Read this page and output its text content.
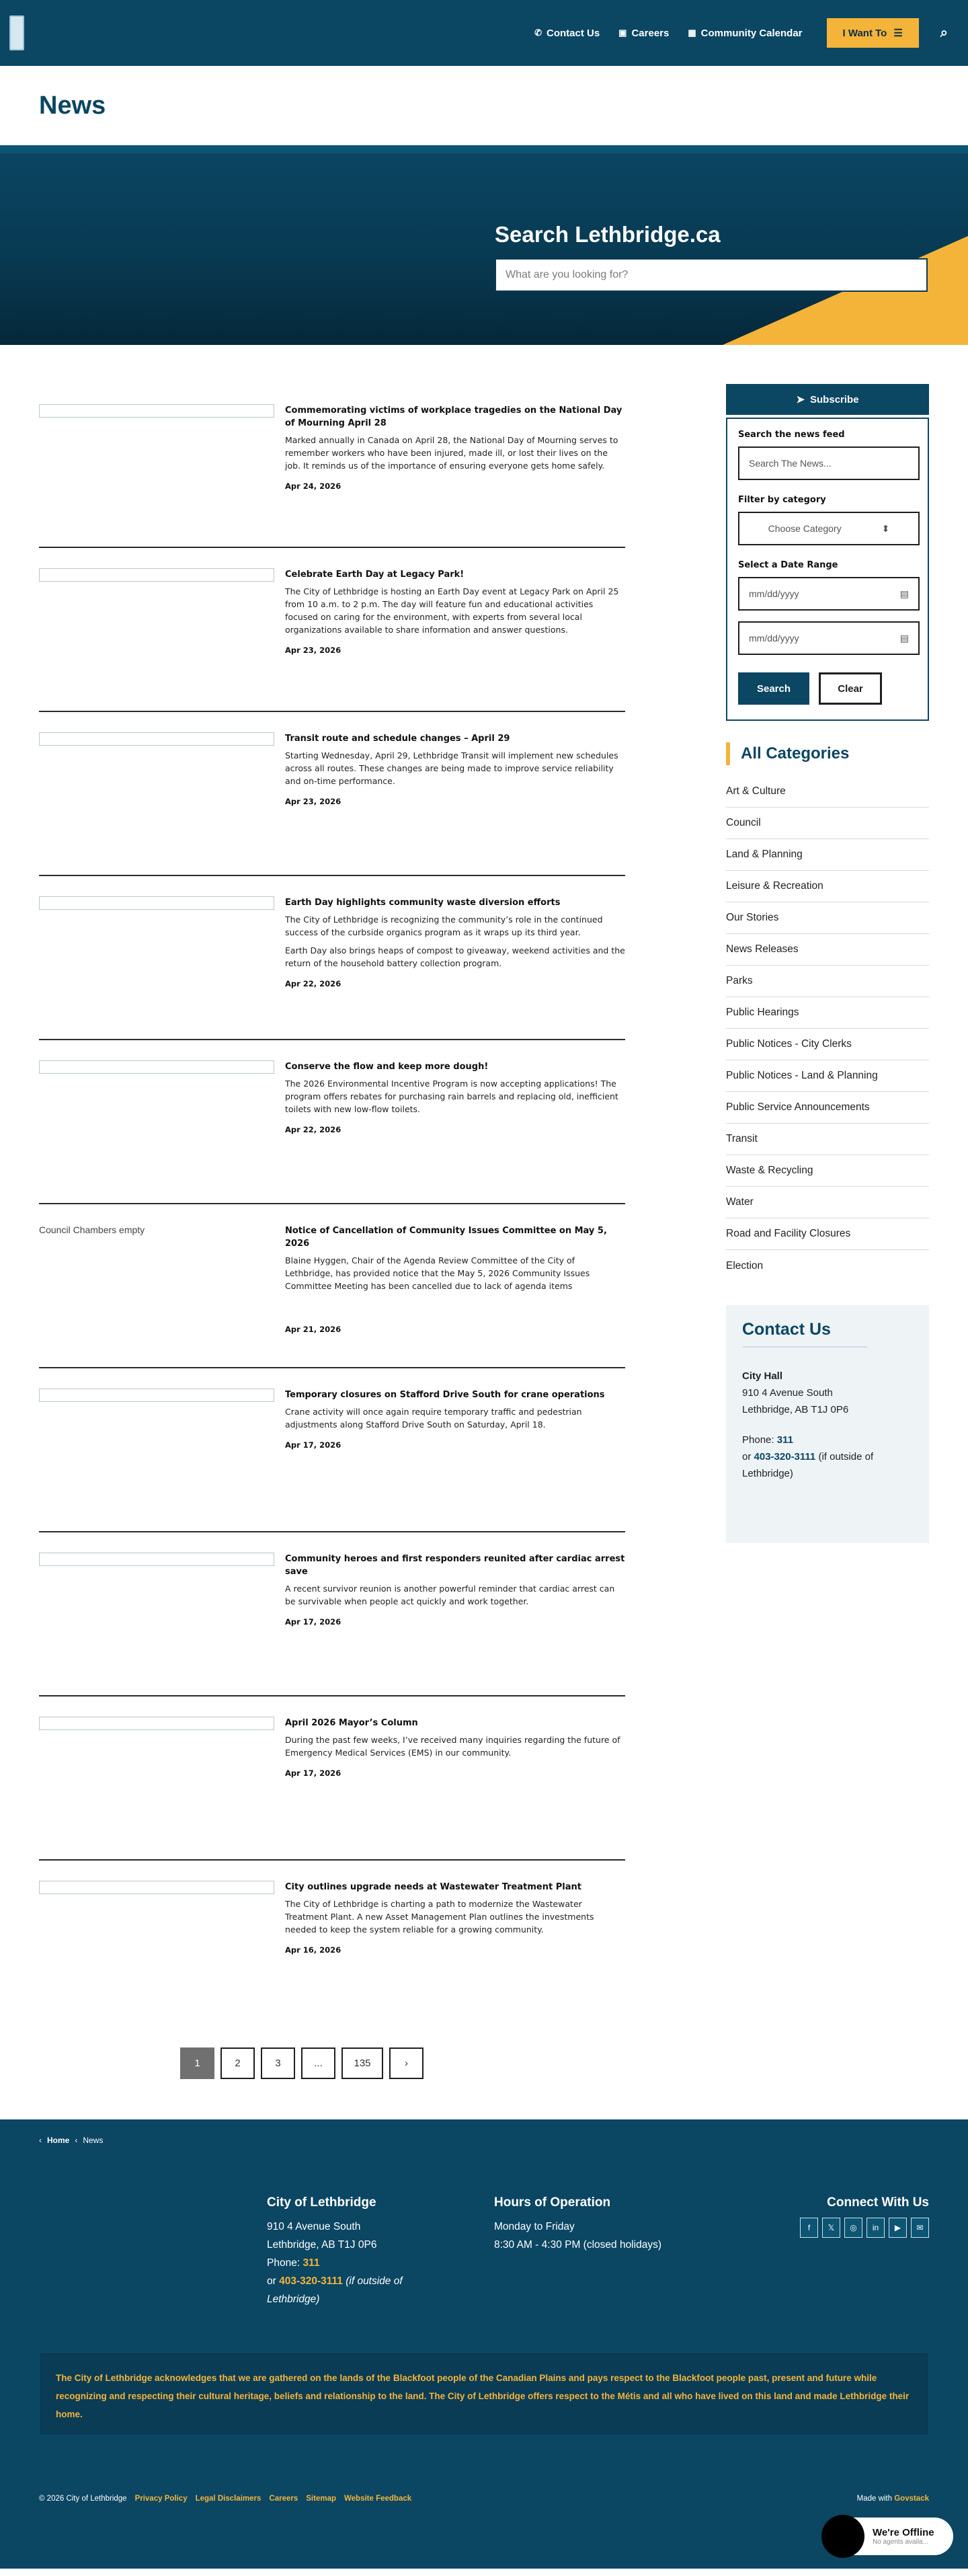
✆ Contact Us ▣ Careers ▦ Community Calendar	I Want To ☰	⌕
News
Search Lethbridge.ca
What are you looking for?
Commemorating victims of workplace tragedies on the National Day of Mourning April 28

Marked annually in Canada on April 28, the National Day of Mourning serves to remember workers who have been injured, made ill, or lost their lives on the job. It reminds us of the importance of ensuring everyone gets home safely.

Apr 24, 2026

Celebrate Earth Day at Legacy Park!

The City of Lethbridge is hosting an Earth Day event at Legacy Park on April 25 from 10 a.m. to 2 p.m. The day will feature fun and educational activities focused on caring for the environment, with experts from several local organizations available to share information and answer questions.

Apr 23, 2026

Transit route and schedule changes – April 29

Starting Wednesday, April 29, Lethbridge Transit will implement new schedules across all routes. These changes are being made to improve service reliability and on-time performance.

Apr 23, 2026

Earth Day highlights community waste diversion efforts

The City of Lethbridge is recognizing the community’s role in the continued success of the curbside organics program as it wraps up its third year.

Earth Day also brings heaps of compost to giveaway, weekend activities and the return of the household battery collection program.

Apr 22, 2026

Conserve the flow and keep more dough!

The 2026 Environmental Incentive Program is now accepting applications! The program offers rebates for purchasing rain barrels and replacing old, inefficient toilets with new low-flow toilets.

Apr 22, 2026

Council Chambers empty	Notice of Cancellation of Community Issues Committee on May 5, 2026

Blaine Hyggen, Chair of the Agenda Review Committee of the City of Lethbridge, has provided notice that the May 5, 2026 Community Issues Committee Meeting has been cancelled due to lack of agenda items

Apr 21, 2026

Temporary closures on Stafford Drive South for crane operations

Crane activity will once again require temporary traffic and pedestrian adjustments along Stafford Drive South on Saturday, April 18.

Apr 17, 2026

Community heroes and first responders reunited after cardiac arrest save

A recent survivor reunion is another powerful reminder that cardiac arrest can be survivable when people act quickly and work together.

Apr 17, 2026

April 2026 Mayor’s Column

During the past few weeks, I’ve received many inquiries regarding the future of Emergency Medical Services (EMS) in our community.

Apr 17, 2026

City outlines upgrade needs at Wastewater Treatment Plant

The City of Lethbridge is charting a path to modernize the Wastewater Treatment Plant. A new Asset Management Plan outlines the investments needed to keep the system reliable for a growing community.

Apr 16, 2026

1	2	3	...	135	›
➤ Subscribe

Search the news feed

Search The News...

Filter by category

Choose Category	⬍

Select a Date Range

mm/dd/yyyy	▤
mm/dd/yyyy	▤
Search	Clear
All Categories
Art & Culture
Council
Land & Planning
Leisure & Recreation
Our Stories
News Releases
Parks
Public Hearings
Public Notices - City Clerks
Public Notices - Land & Planning
Public Service Announcements
Transit
Waste & Recycling
Water
Road and Facility Closures
Election
Contact Us

City Hall

910 4 Avenue South

Lethbridge, AB T1J 0P6

Phone: 311

or 403-320-3111 (if outside of Lethbridge)

‹ Home ‹ News

City of Lethbridge

910 4 Avenue South

Lethbridge, AB T1J 0P6

Phone: 311

or 403-320-3111 (if outside of Lethbridge)

Hours of Operation

Monday to Friday

8:30 AM - 4:30 PM (closed holidays)

Connect With Us

f	𝕏	◎	in	▶	✉
The City of Lethbridge acknowledges that we are gathered on the lands of the Blackfoot people of the Canadian Plains and pays respect to the Blackfoot people past, present and future while recognizing and respecting their cultural heritage, beliefs and relationship to the land. The City of Lethbridge offers respect to the Métis and all who have lived on this land and made Lethbridge their home.
© 2026 City of Lethbridge Privacy Policy Legal Disclaimers Careers Sitemap Website Feedback	Made with Govstack

We're Offline

No agents availa...
